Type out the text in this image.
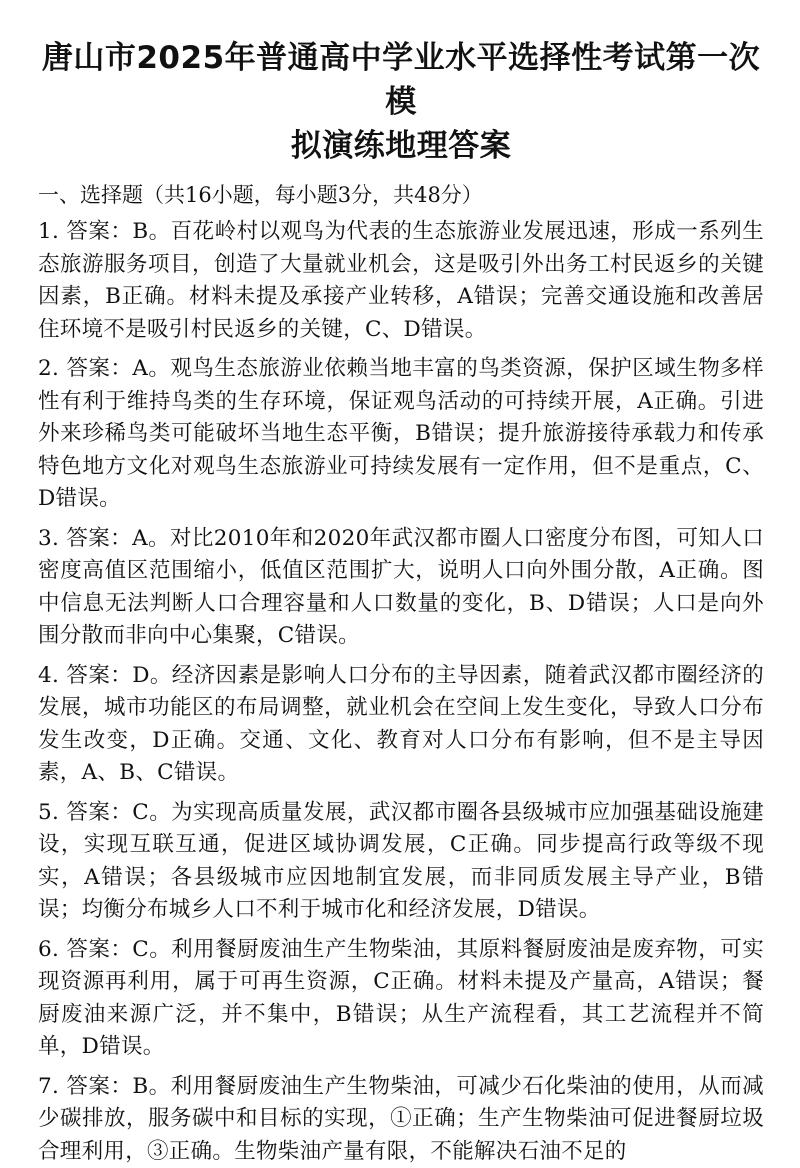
唐山市2025年普通高中学业水平选择性考试第一次模
拟演练地理答案
一、选择题（共16小题，每小题3分，共48分）

1. 答案：B。百花岭村以观鸟为代表的生态旅游业发展迅速，形成一系列生态旅游服务项目，创造了大量就业机会，这是吸引外出务工村民返乡的关键因素，B正确。材料未提及承接产业转移，A错误；完善交通设施和改善居住环境不是吸引村民返乡的关键，C、D错误。

2. 答案：A。观鸟生态旅游业依赖当地丰富的鸟类资源，保护区域生物多样性有利于维持鸟类的生存环境，保证观鸟活动的可持续开展，A正确。引进外来珍稀鸟类可能破坏当地生态平衡，B错误；提升旅游接待承载力和传承特色地方文化对观鸟生态旅游业可持续发展有一定作用，但不是重点，C、D错误。

3. 答案：A。对比2010年和2020年武汉都市圈人口密度分布图，可知人口密度高值区范围缩小，低值区范围扩大，说明人口向外围分散，A正确。图中信息无法判断人口合理容量和人口数量的变化，B、D错误；人口是向外围分散而非向中心集聚，C错误。

4. 答案：D。经济因素是影响人口分布的主导因素，随着武汉都市圈经济的发展，城市功能区的布局调整，就业机会在空间上发生变化，导致人口分布发生改变，D正确。交通、文化、教育对人口分布有影响，但不是主导因素，A、B、C错误。

5. 答案：C。为实现高质量发展，武汉都市圈各县级城市应加强基础设施建设，实现互联互通，促进区域协调发展，C正确。同步提高行政等级不现实，A错误；各县级城市应因地制宜发展，而非同质发展主导产业，B错误；均衡分布城乡人口不利于城市化和经济发展，D错误。

6. 答案：C。利用餐厨废油生产生物柴油，其原料餐厨废油是废弃物，可实现资源再利用，属于可再生资源，C正确。材料未提及产量高，A错误；餐厨废油来源广泛，并不集中，B错误；从生产流程看，其工艺流程并不简单，D错误。

7. 答案：B。利用餐厨废油生产生物柴油，可减少石化柴油的使用，从而减少碳排放，服务碳中和目标的实现，①正确；生产生物柴油可促进餐厨垃圾合理利用，③正确。生物柴油产量有限，不能解决石油不足的
